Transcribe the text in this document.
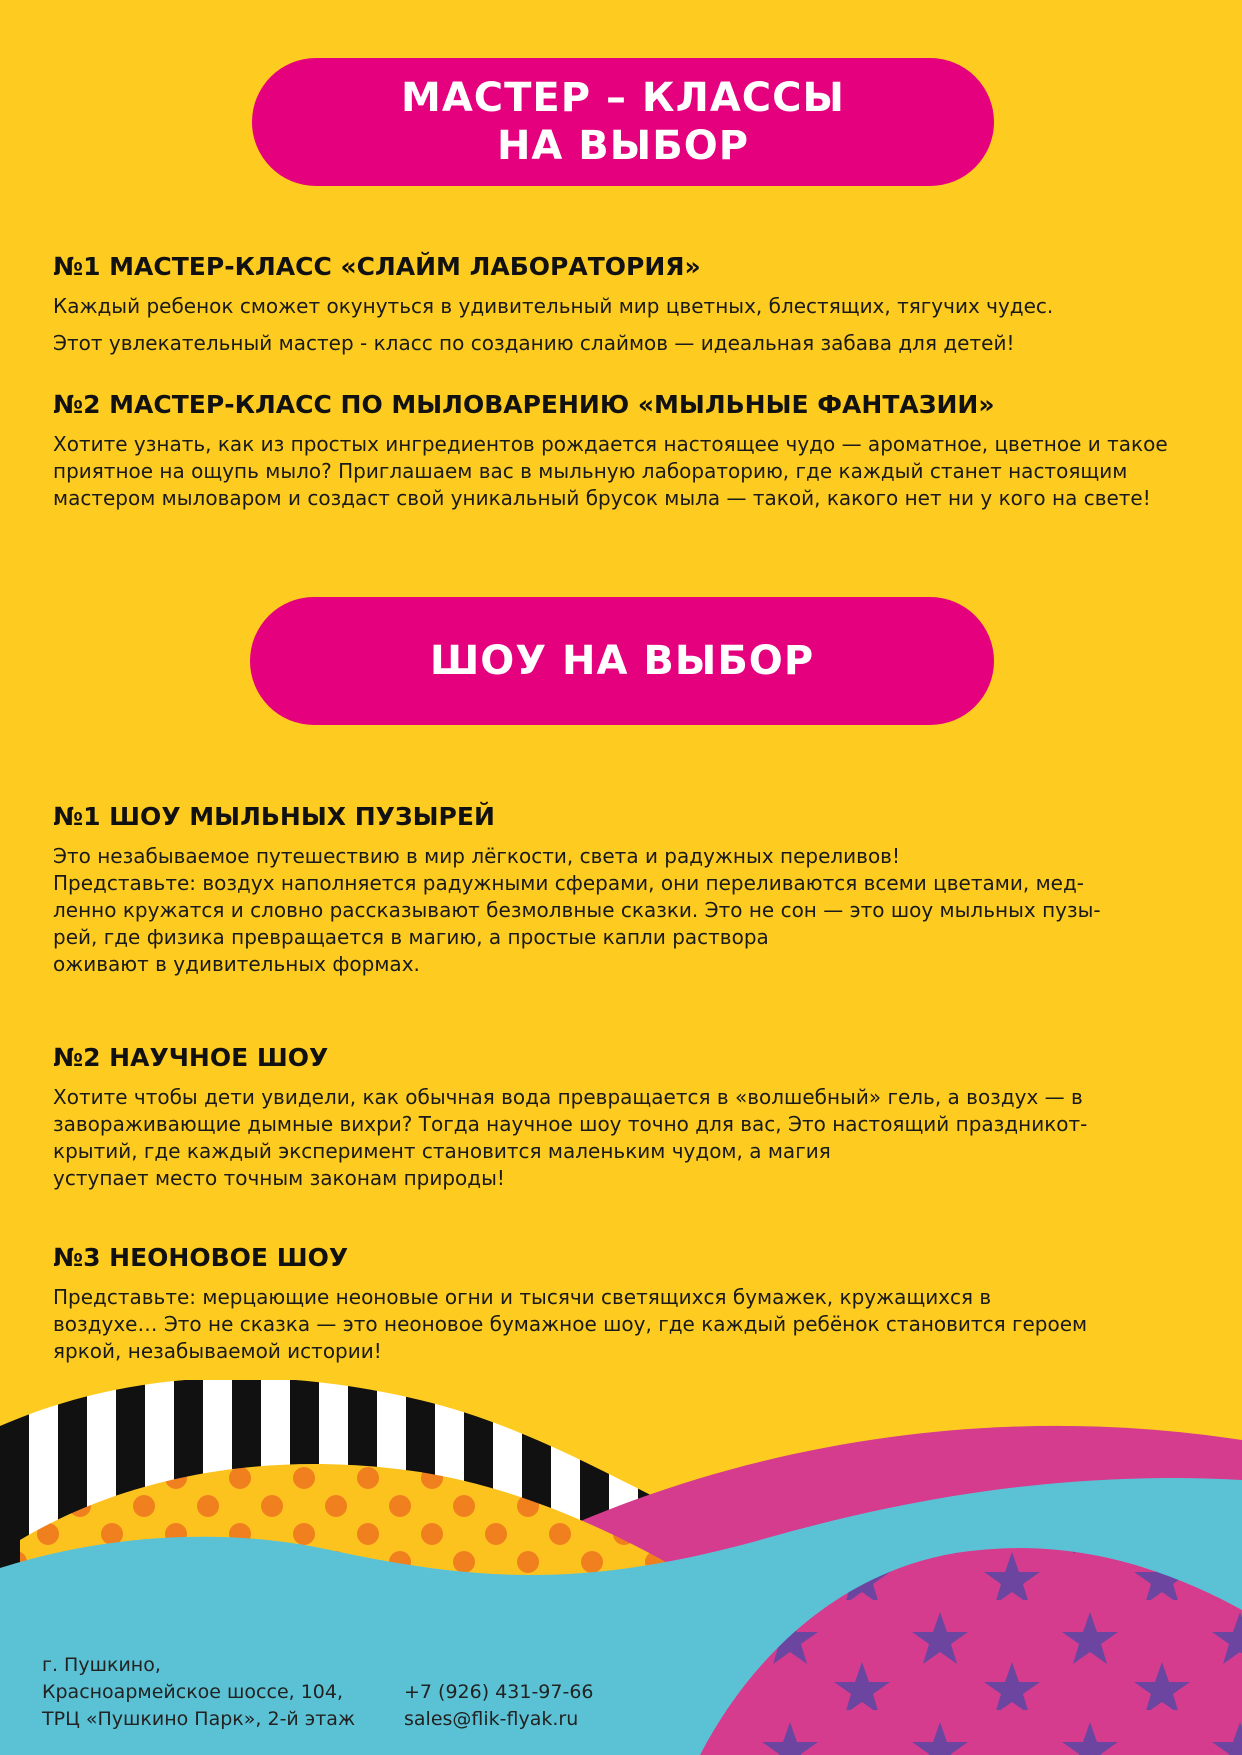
МАСТЕР – КЛАССЫ
НА ВЫБОР
№1 МАСТЕР-КЛАСС «СЛАЙМ ЛАБОРАТОРИЯ»

Каждый ребенок сможет окунуться в удивительный мир цветных, блестящих, тягучих чудес.

Этот увлекательный мастер - класс по созданию слаймов — идеальная забава для детей!

№2 МАСТЕР-КЛАСС ПО МЫЛОВАРЕНИЮ «МЫЛЬНЫЕ ФАНТАЗИИ»

Хотите узнать, как из простых ингредиентов рождается настоящее чудо — ароматное, цветное и такое приятное на ощупь мыло? Приглашаем вас в мыльную лабораторию, где каждый станет настоящим мастером мыловаром и создаст свой уникальный брусок мыла — такой, какого нет ни у кого на свете!

ШОУ НА ВЫБОР
№1 ШОУ МЫЛЬНЫХ ПУЗЫРЕЙ

Это незабываемое путешествию в мир лёгкости, света и радужных переливов!

Представьте: воздух наполняется радужными сферами, они переливаются всеми цветами, мед-

ленно кружатся и словно рассказывают безмолвные сказки. Это не сон — это шоу мыльных пузы-

рей, где физика превращается в магию, а простые капли раствора

оживают в удивительных формах.

№2 НАУЧНОЕ ШОУ

Хотите чтобы дети увидели, как обычная вода превращается в «волшебный» гель, а воздух — в

завораживающие дымные вихри? Тогда научное шоу точно для вас, Это настоящий праздникот-

крытий, где каждый эксперимент становится маленьким чудом, а магия

уступает место точным законам природы!

№3 НЕОНОВОЕ ШОУ

Представьте: мерцающие неоновые огни и тысячи светящихся бумажек, кружащихся в

воздухе… Это не сказка — это неоновое бумажное шоу, где каждый ребёнок становится героем

яркой, незабываемой истории!

г. Пушкино,
Красноармейское шоссе, 104,
ТРЦ «Пушкино Парк», 2-й этаж
+7 (926) 431-97-66
sales@flik-flyak.ru
